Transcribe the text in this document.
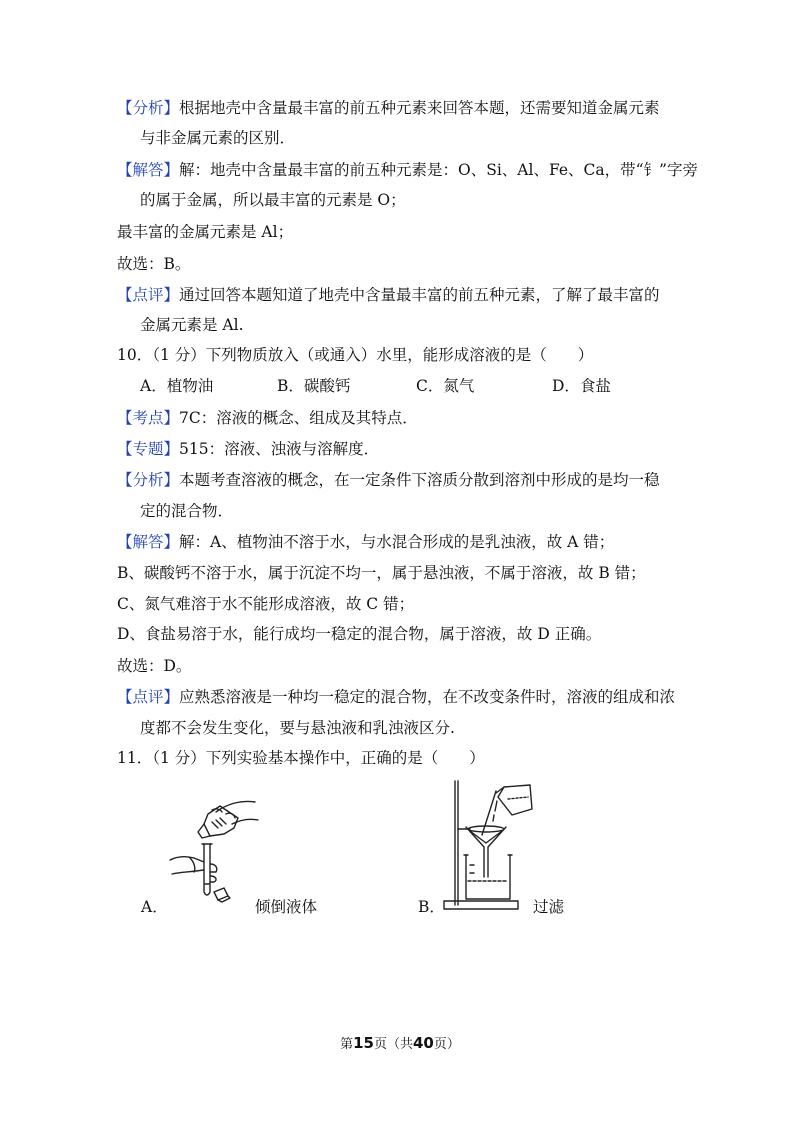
【分析】根据地壳中含量最丰富的前五种元素来回答本题，还需要知道金属元素
与非金属元素的区别．
【解答】解：地壳中含量最丰富的前五种元素是：O、Si、Al、Fe、Ca，带“钅”字旁
的属于金属，所以最丰富的元素是 O；
最丰富的金属元素是 Al；
故选：B。
【点评】通过回答本题知道了地壳中含量最丰富的前五种元素，了解了最丰富的
金属元素是 Al.
10．（1 分）下列物质放入（或通入）水里，能形成溶液的是（　　）
A．植物油	B．碳酸钙	C．氮气	D．食盐
【考点】7C：溶液的概念、组成及其特点．
【专题】515：溶液、浊液与溶解度．
【分析】本题考查溶液的概念，在一定条件下溶质分散到溶剂中形成的是均一稳
定的混合物．
【解答】解：A、植物油不溶于水，与水混合形成的是乳浊液，故 A 错；
B、碳酸钙不溶于水，属于沉淀不均一，属于悬浊液，不属于溶液，故 B 错；
C、氮气难溶于水不能形成溶液，故 C 错；
D、食盐易溶于水，能行成均一稳定的混合物，属于溶液，故 D 正确。
故选：D。
【点评】应熟悉溶液是一种均一稳定的混合物，在不改变条件时，溶液的组成和浓
度都不会发生变化，要与悬浊液和乳浊液区分.
11．（1 分）下列实验基本操作中，正确的是（　　）
A．	倾倒液体	B．	过滤
第15页（共40页）
